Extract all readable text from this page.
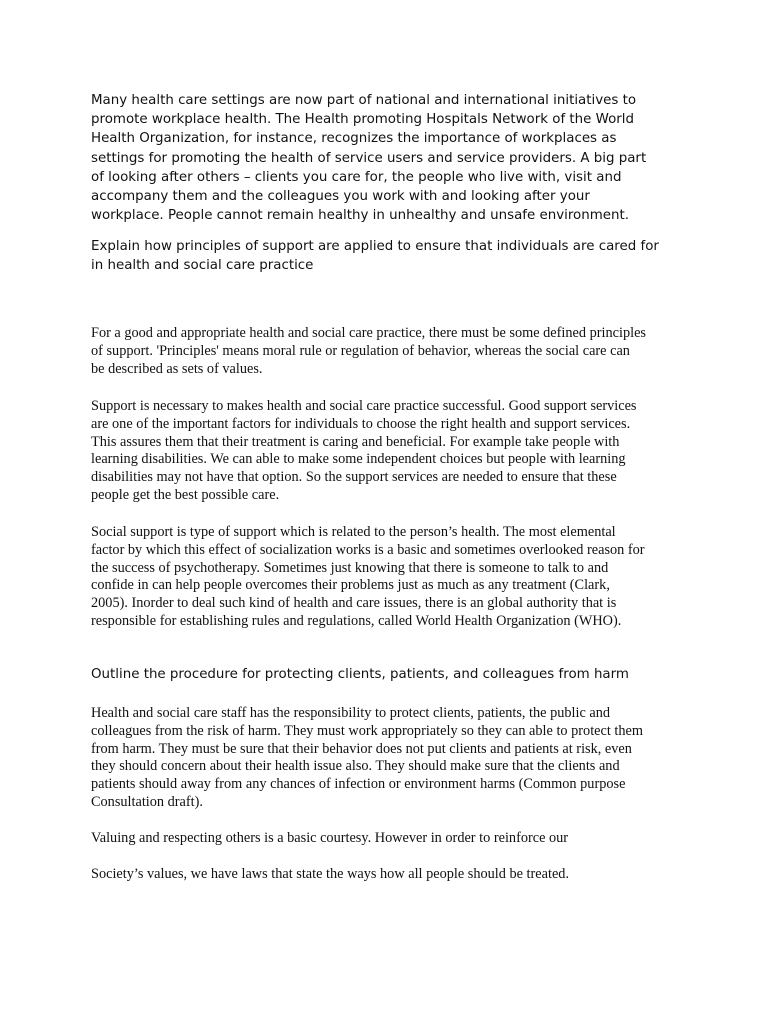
Many health care settings are now part of national and international initiatives to
promote workplace health. The Health promoting Hospitals Network of the World
Health Organization, for instance, recognizes the importance of workplaces as
settings for promoting the health of service users and service providers. A big part
of looking after others – clients you care for, the people who live with, visit and
accompany them and the colleagues you work with and looking after your
workplace. People cannot remain healthy in unhealthy and unsafe environment.

Explain how principles of support are applied to ensure that individuals are cared for
in health and social care practice

For a good and appropriate health and social care practice, there must be some defined principles
of support. 'Principles' means moral rule or regulation of behavior, whereas the social care can
be described as sets of values.

Support is necessary to makes health and social care practice successful. Good support services
are one of the important factors for individuals to choose the right health and support services.
This assures them that their treatment is caring and beneficial. For example take people with
learning disabilities. We can able to make some independent choices but people with learning
disabilities may not have that option. So the support services are needed to ensure that these
people get the best possible care.

Social support is type of support which is related to the person’s health. The most elemental
factor by which this effect of socialization works is a basic and sometimes overlooked reason for
the success of psychotherapy. Sometimes just knowing that there is someone to talk to and
confide in can help people overcomes their problems just as much as any treatment (Clark,
2005). Inorder to deal such kind of health and care issues, there is an global authority that is
responsible for establishing rules and regulations, called World Health Organization (WHO).

Outline the procedure for protecting clients, patients, and colleagues from harm

Health and social care staff has the responsibility to protect clients, patients, the public and
colleagues from the risk of harm. They must work appropriately so they can able to protect them
from harm. They must be sure that their behavior does not put clients and patients at risk, even
they should concern about their health issue also. They should make sure that the clients and
patients should away from any chances of infection or environment harms (Common purpose
Consultation draft).

Valuing and respecting others is a basic courtesy. However in order to reinforce our

Society’s values, we have laws that state the ways how all people should be treated.
